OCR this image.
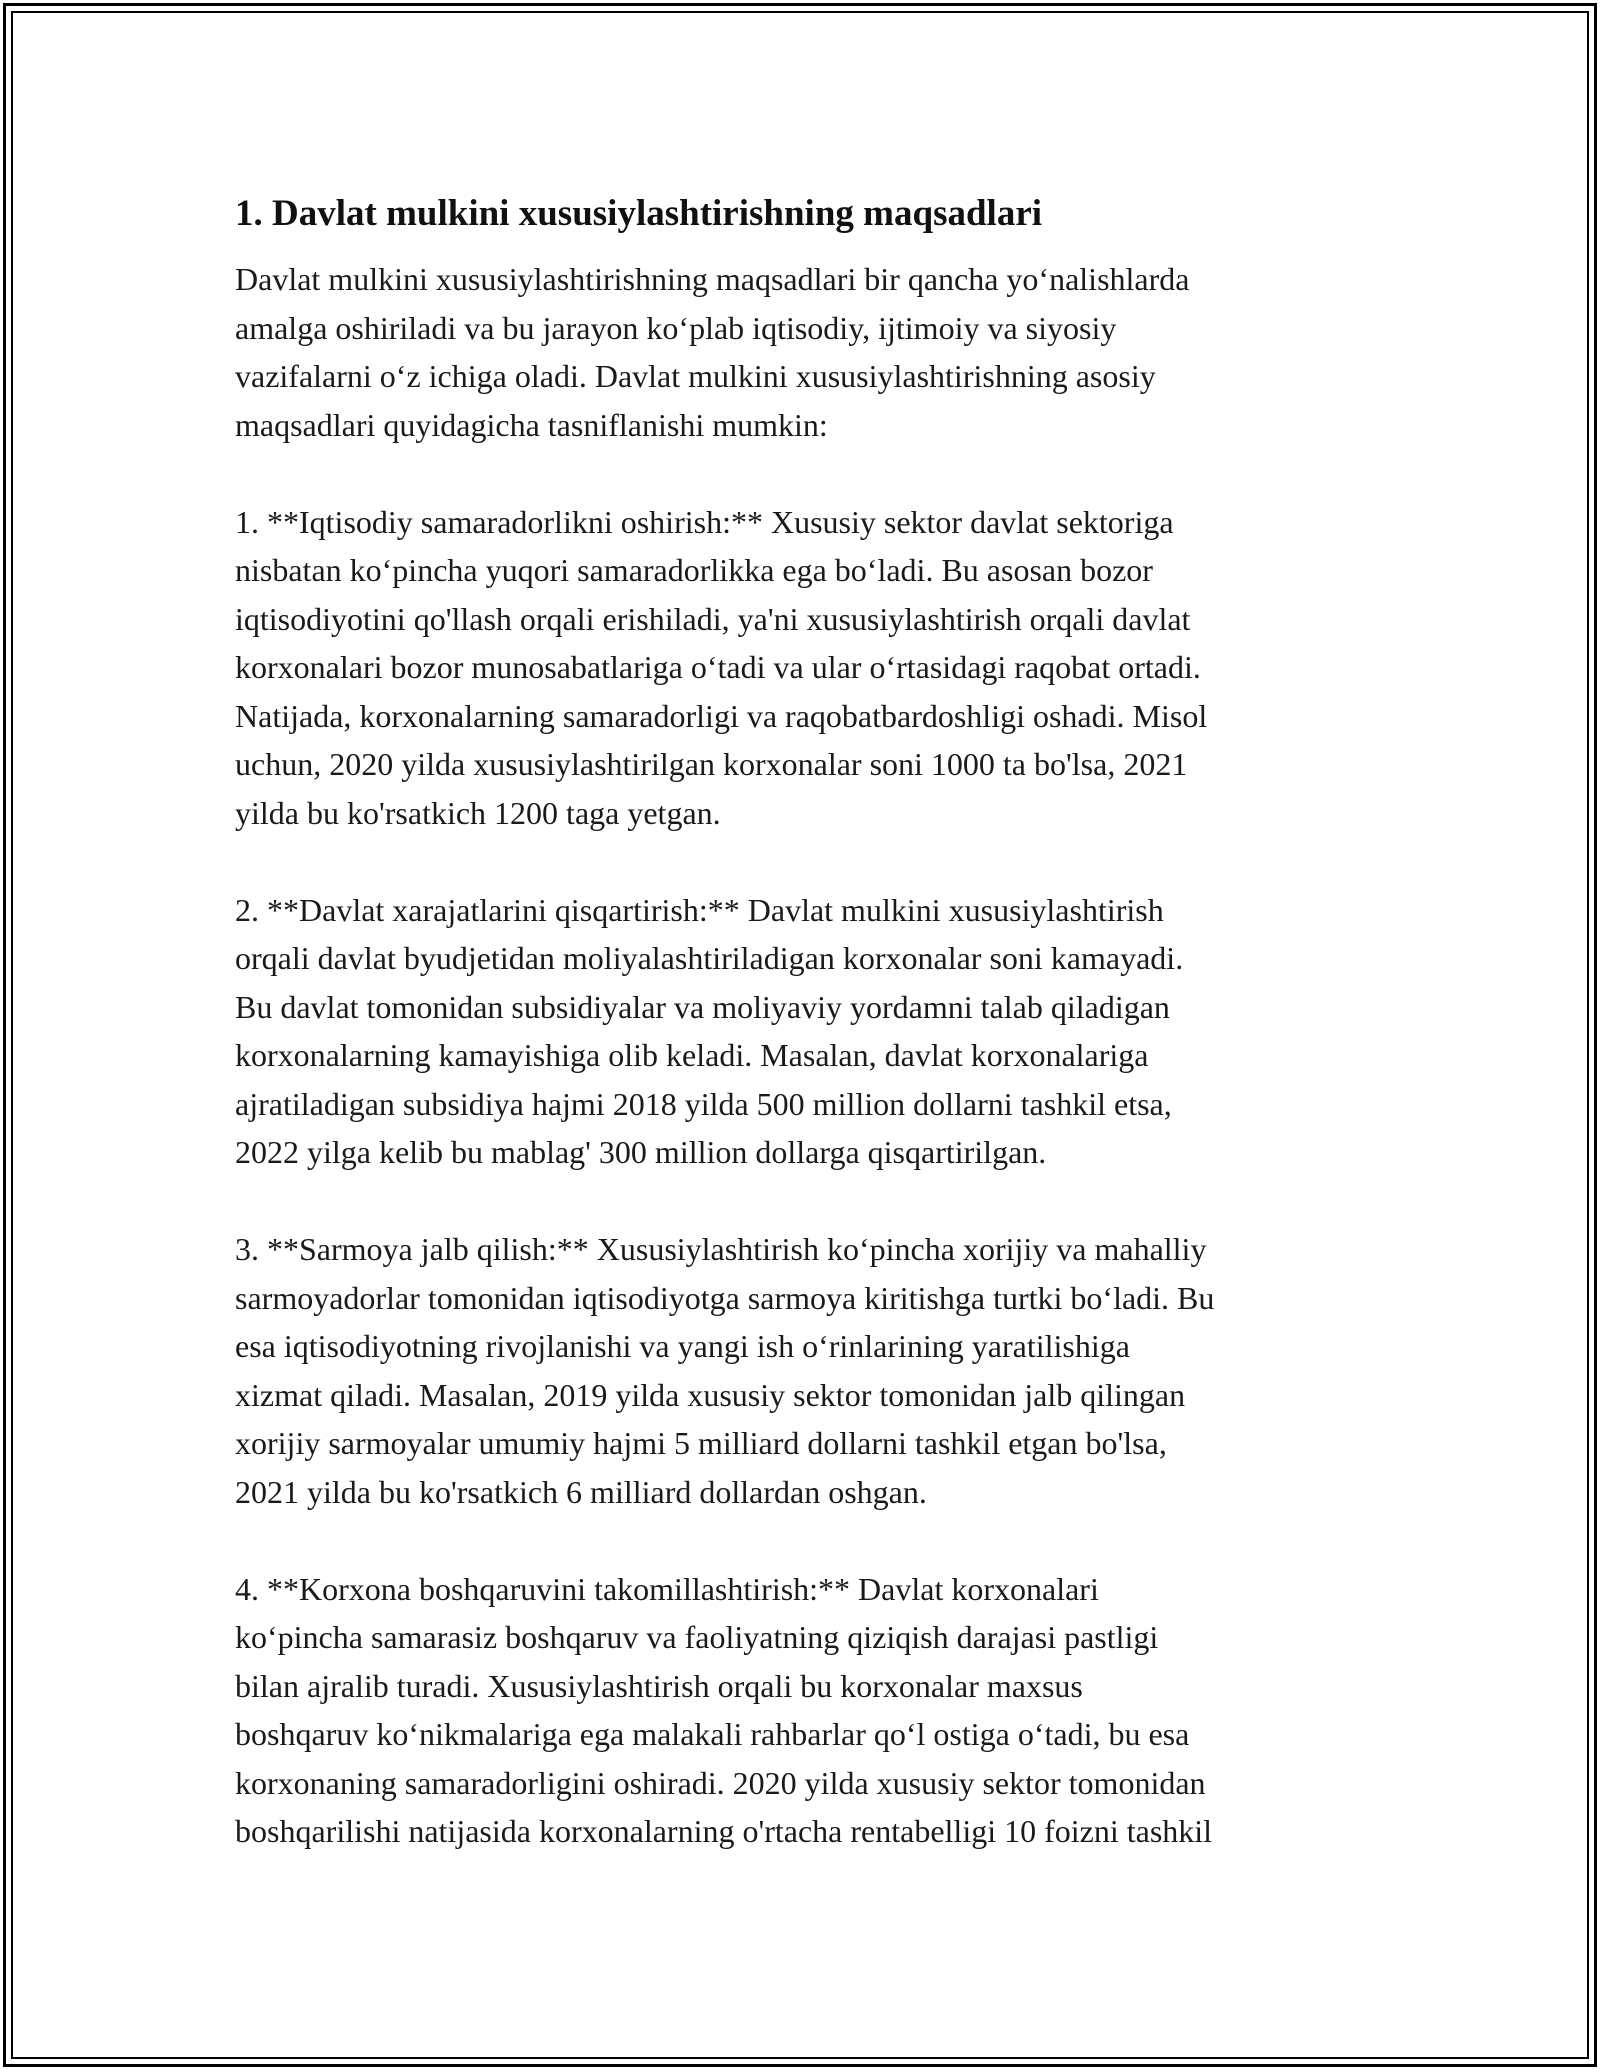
1. Davlat mulkini xususiylashtirishning maqsadlari

Davlat mulkini xususiylashtirishning maqsadlari bir qancha yo‘nalishlarda
amalga oshiriladi va bu jarayon ko‘plab iqtisodiy, ijtimoiy va siyosiy
vazifalarni o‘z ichiga oladi. Davlat mulkini xususiylashtirishning asosiy
maqsadlari quyidagicha tasniflanishi mumkin:

1. **Iqtisodiy samaradorlikni oshirish:** Xususiy sektor davlat sektoriga
nisbatan ko‘pincha yuqori samaradorlikka ega bo‘ladi. Bu asosan bozor
iqtisodiyotini qo'llash orqali erishiladi, ya'ni xususiylashtirish orqali davlat
korxonalari bozor munosabatlariga o‘tadi va ular o‘rtasidagi raqobat ortadi.
Natijada, korxonalarning samaradorligi va raqobatbardoshligi oshadi. Misol
uchun, 2020 yilda xususiylashtirilgan korxonalar soni 1000 ta bo'lsa, 2021
yilda bu ko'rsatkich 1200 taga yetgan.

2. **Davlat xarajatlarini qisqartirish:** Davlat mulkini xususiylashtirish
orqali davlat byudjetidan moliyalashtiriladigan korxonalar soni kamayadi.
Bu davlat tomonidan subsidiyalar va moliyaviy yordamni talab qiladigan
korxonalarning kamayishiga olib keladi. Masalan, davlat korxonalariga
ajratiladigan subsidiya hajmi 2018 yilda 500 million dollarni tashkil etsa,
2022 yilga kelib bu mablag' 300 million dollarga qisqartirilgan.

3. **Sarmoya jalb qilish:** Xususiylashtirish ko‘pincha xorijiy va mahalliy
sarmoyadorlar tomonidan iqtisodiyotga sarmoya kiritishga turtki bo‘ladi. Bu
esa iqtisodiyotning rivojlanishi va yangi ish o‘rinlarining yaratilishiga
xizmat qiladi. Masalan, 2019 yilda xususiy sektor tomonidan jalb qilingan
xorijiy sarmoyalar umumiy hajmi 5 milliard dollarni tashkil etgan bo'lsa,
2021 yilda bu ko'rsatkich 6 milliard dollardan oshgan.

4. **Korxona boshqaruvini takomillashtirish:** Davlat korxonalari
ko‘pincha samarasiz boshqaruv va faoliyatning qiziqish darajasi pastligi
bilan ajralib turadi. Xususiylashtirish orqali bu korxonalar maxsus
boshqaruv ko‘nikmalariga ega malakali rahbarlar qo‘l ostiga o‘tadi, bu esa
korxonaning samaradorligini oshiradi. 2020 yilda xususiy sektor tomonidan
boshqarilishi natijasida korxonalarning o'rtacha rentabelligi 10 foizni tashkil
